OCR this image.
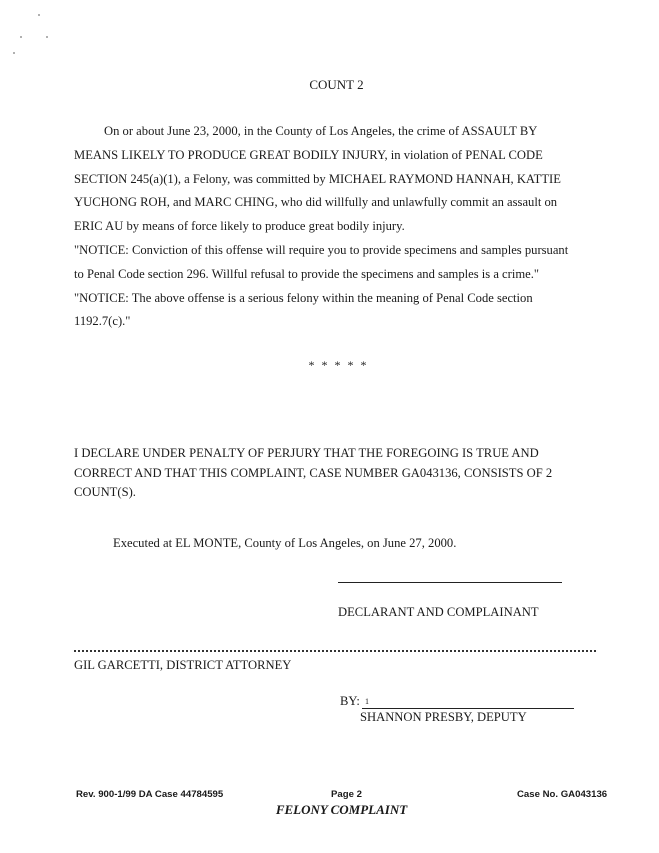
COUNT 2
On or about June 23, 2000, in the County of Los Angeles, the crime of ASSAULT BY
MEANS LIKELY TO PRODUCE GREAT BODILY INJURY, in violation of PENAL CODE
SECTION 245(a)(1), a Felony, was committed by MICHAEL RAYMOND HANNAH, KATTIE
YUCHONG ROH, and MARC CHING, who did willfully and unlawfully commit an assault on
ERIC AU by means of force likely to produce great bodily injury.
"NOTICE: Conviction of this offense will require you to provide specimens and samples pursuant
to Penal Code section 296. Willful refusal to provide the specimens and samples is a crime."
"NOTICE: The above offense is a serious felony within the meaning of Penal Code section
1192.7(c)."
* * * * *
I DECLARE UNDER PENALTY OF PERJURY THAT THE FOREGOING IS TRUE AND
CORRECT AND THAT THIS COMPLAINT, CASE NUMBER GA043136, CONSISTS OF 2
COUNT(S).
Executed at EL MONTE, County of Los Angeles, on June 27, 2000.
DECLARANT AND COMPLAINANT
GIL GARCETTI, DISTRICT ATTORNEY
BY: 1
SHANNON PRESBY, DEPUTY
Rev. 900-1/99 DA Case 44784595	Page 2	Case No. GA043136
FELONY COMPLAINT
